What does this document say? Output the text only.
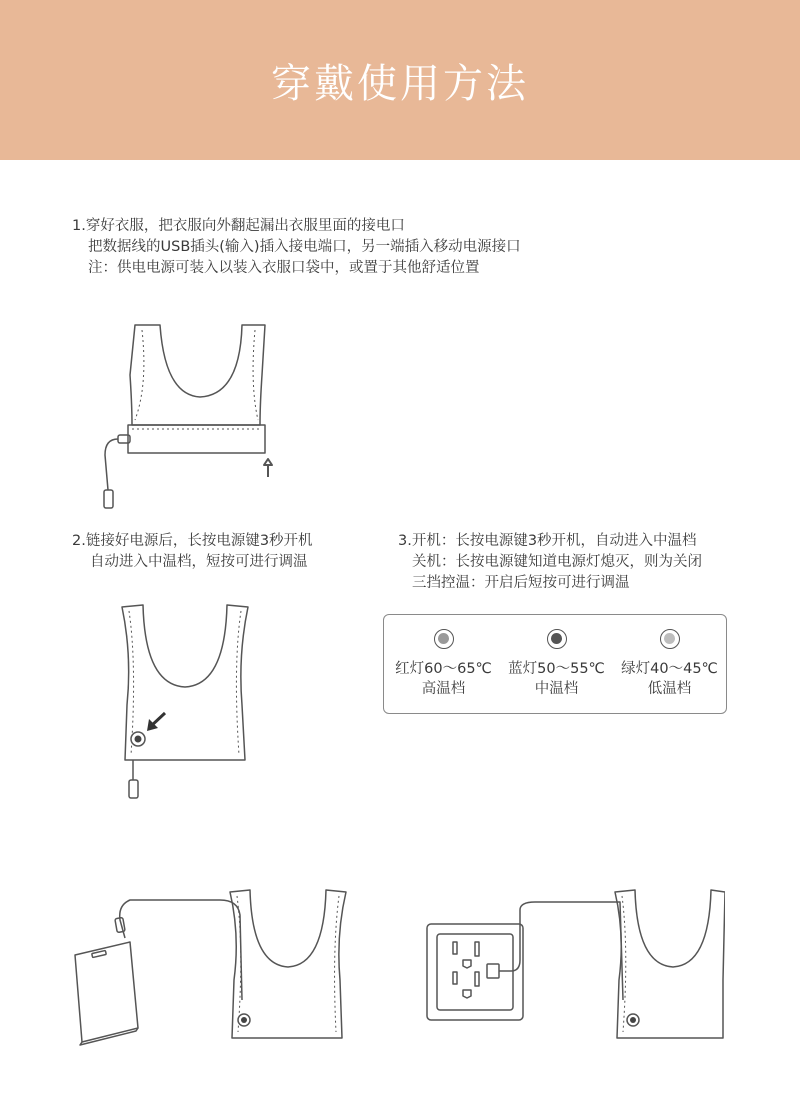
穿戴使用方法
1.穿好衣服，把衣服向外翻起漏出衣服里面的接电口
把数据线的USB插头(输入)插入接电端口，另一端插入移动电源接口
注：供电电源可装入以装入衣服口袋中，或置于其他舒适位置
2.链接好电源后，长按电源键3秒开机
自动进入中温档，短按可进行调温
3.开机：长按电源键3秒开机，自动进入中温档
关机：长按电源键知道电源灯熄灭，则为关闭
三挡控温：开启后短按可进行调温
红灯60～65℃
高温档
蓝灯50～55℃
中温档
绿灯40～45℃
低温档
